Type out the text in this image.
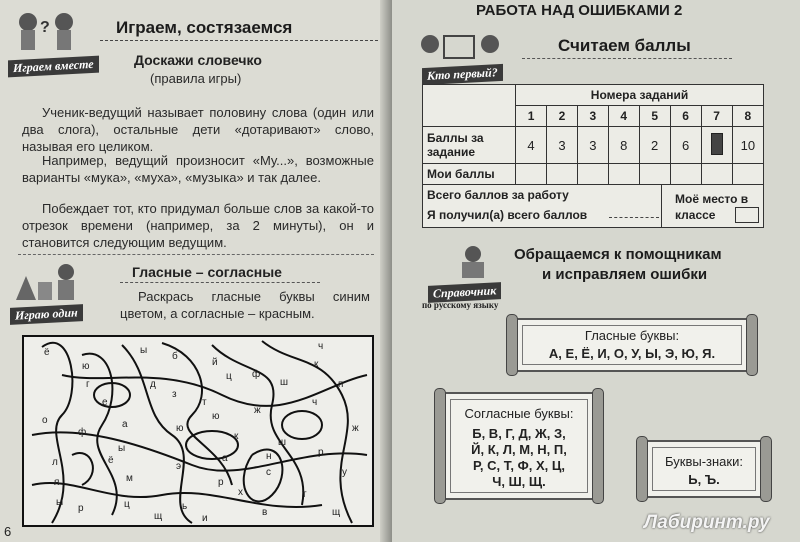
?
Играем вместе
Играем, состязаемся
Доскажи словечко
(правила игры)
Ученик-ведущий называет половину слова (один или два слога), остальные дети «дотаривают» слово, называя его целиком.
Например, ведущий произносит «Му...», возможные варианты «мука», «муха», «музыка» и так далее.
Побеждает тот, кто придумал больше слов за какой-то отрезок времени (например, за 2 минуты), он и становится следующим ведущим.
Играю один
Гласные – согласные
Раскрась гласные буквы синим цветом, а согласные – красным.
ё
ч
ю	й
д
ц
ы
б
ф
ч
ш	п
к
е
г
з
т
ю
а	ю
ж
к
ж
ш
р
р
х
ц
н
ы
м
э
а
ф
ё
о
р
с	у
в
т
ь
л
я
ы
щ	и
щ
6
РАБОТА НАД ОШИБКАМИ 2
Кто первый?
Считаем баллы
	Номера заданий							
	1	2	3	4	5	6	7	8
Баллы за задание	4	3	3	8	2	6		10
Мои баллы								
Всего баллов за работу
Я получил(а) всего баллов
Моё место в классе
Справочник
по русскому языку
Обращаемся к помощникам
и исправляем ошибки
Гласные буквы:
А, Е, Ё, И, О, У, Ы, Э, Ю, Я.
Согласные буквы:
Б, В, Г, Д, Ж, З,
Й, К, Л, М, Н, П,
Р, С, Т, Ф, Х, Ц,
Ч, Ш, Щ.
Буквы-знаки:
Ь, Ъ.
Лабиринт.ру
